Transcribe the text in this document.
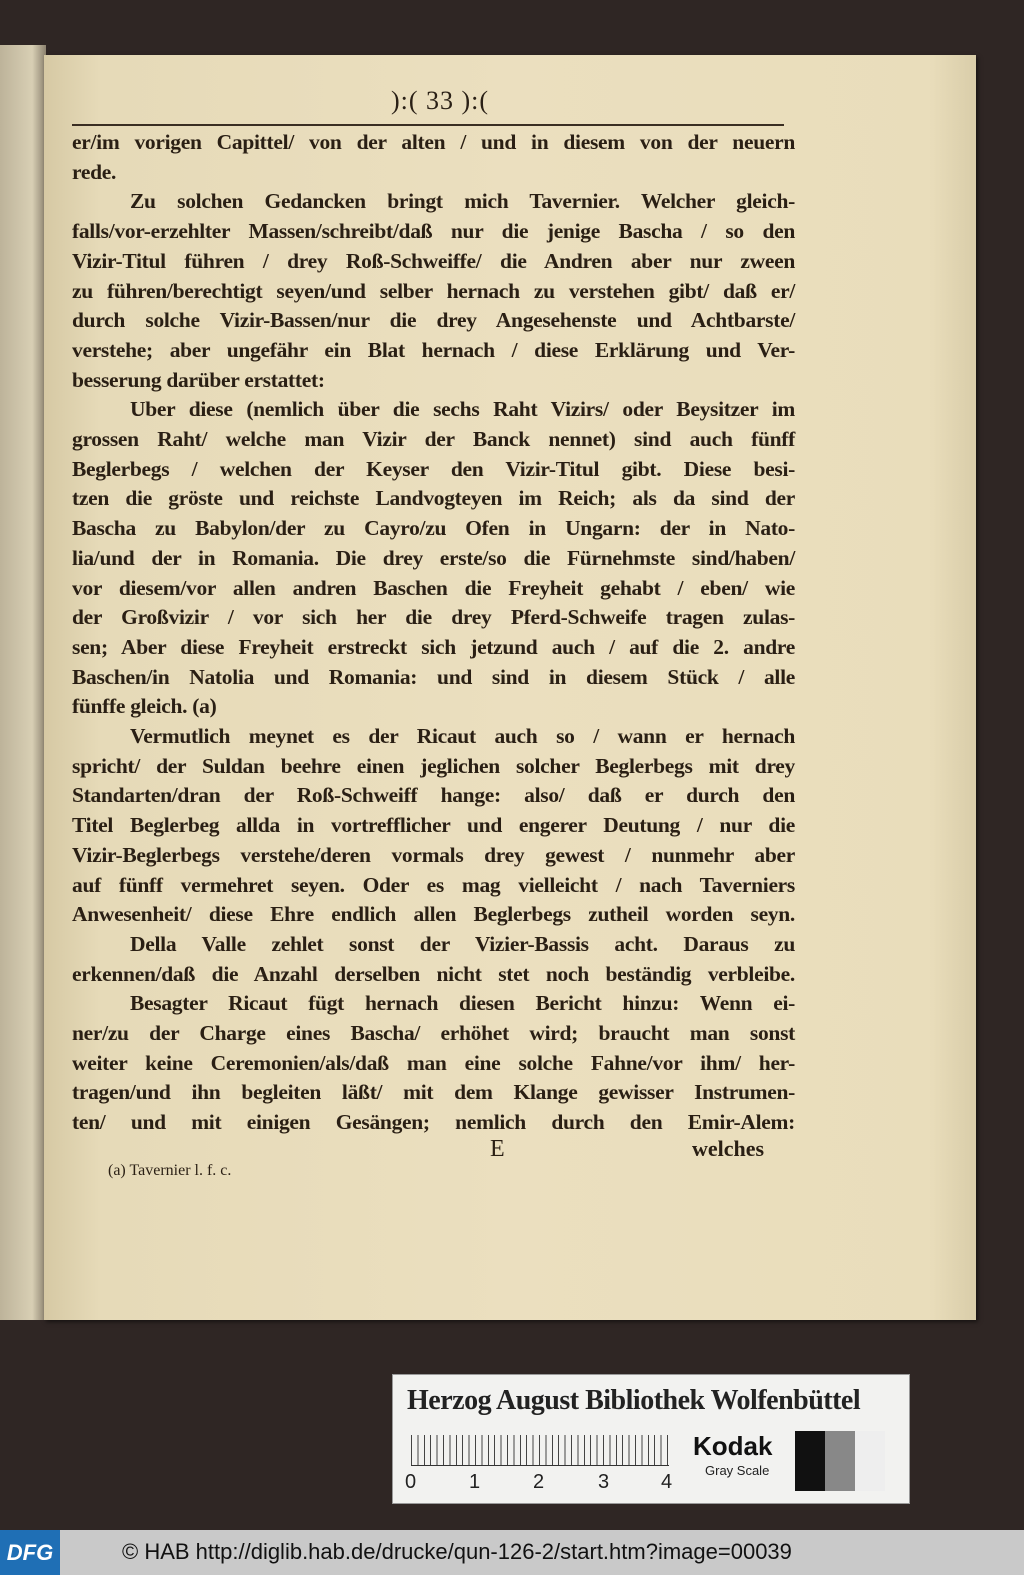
):( 33 ):(
er/im vorigen Capittel/ von der alten / und in diesem von der neuern
rede.
Zu solchen Gedancken bringt mich Tavernier. Welcher gleich-
falls/vor-erzehlter Massen/schreibt/daß nur die jenige Bascha / so den
Vizir-Titul führen / drey Roß-Schweiffe/ die Andren aber nur zween
zu führen/berechtigt seyen/und selber hernach zu verstehen gibt/ daß er/
durch solche Vizir-Bassen/nur die drey Angesehenste und Achtbarste/
verstehe; aber ungefähr ein Blat hernach / diese Erklärung und Ver-
besserung darüber erstattet:
Uber diese (nemlich über die sechs Raht Vizirs/ oder Beysitzer im
grossen Raht/ welche man Vizir der Banck nennet) sind auch fünff
Beglerbegs / welchen der Keyser den Vizir-Titul gibt. Diese besi-
tzen die gröste und reichste Landvogteyen im Reich; als da sind der
Bascha zu Babylon/der zu Cayro/zu Ofen in Ungarn: der in Nato-
lia/und der in Romania. Die drey erste/so die Fürnehmste sind/haben/
vor diesem/vor allen andren Baschen die Freyheit gehabt / eben/ wie
der Großvizir / vor sich her die drey Pferd-Schweife tragen zulas-
sen; Aber diese Freyheit erstreckt sich jetzund auch / auf die 2. andre
Baschen/in Natolia und Romania: und sind in diesem Stück / alle
fünffe gleich. (a)
Vermutlich meynet es der Ricaut auch so / wann er hernach
spricht/ der Suldan beehre einen jeglichen solcher Beglerbegs mit drey
Standarten/dran der Roß-Schweiff hange: also/ daß er durch den
Titel Beglerbeg allda in vortrefflicher und engerer Deutung / nur die
Vizir-Beglerbegs verstehe/deren vormals drey gewest / nunmehr aber
auf fünff vermehret seyen. Oder es mag vielleicht / nach Taverniers
Anwesenheit/ diese Ehre endlich allen Beglerbegs zutheil worden seyn.
Della Valle zehlet sonst der Vizier-Bassis acht. Daraus zu
erkennen/daß die Anzahl derselben nicht stet noch beständig verbleibe.
Besagter Ricaut fügt hernach diesen Bericht hinzu: Wenn ei-
ner/zu der Charge eines Bascha/ erhöhet wird; braucht man sonst
weiter keine Ceremonien/als/daß man eine solche Fahne/vor ihm/ her-
tragen/und ihn begleiten läßt/ mit dem Klange gewisser Instrumen-
ten/ und mit einigen Gesängen; nemlich durch den Emir-Alem:
E	welches
(a) Tavernier l. f. c.
Herzog August Bibliothek Wolfenbüttel
0	1	2	3	4
Kodak
Gray Scale
DFG	© HAB http://diglib.hab.de/drucke/qun-126-2/start.htm?image=00039
